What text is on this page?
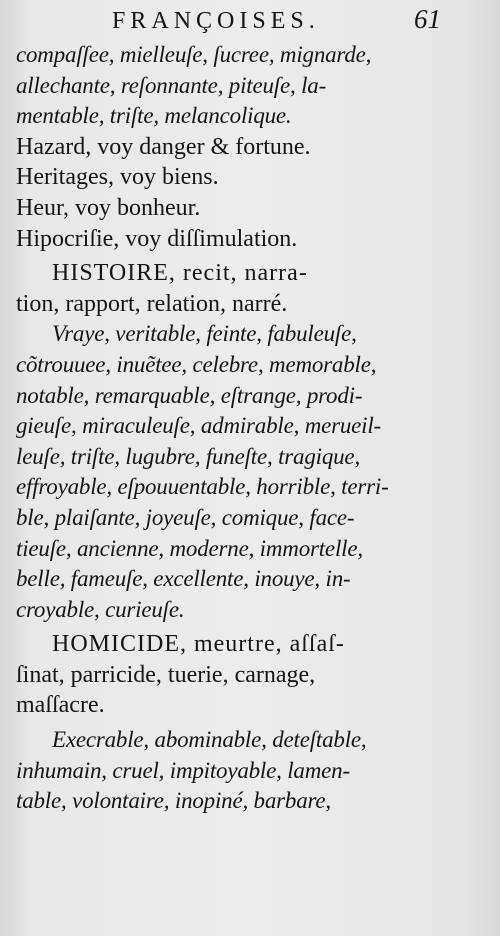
FRANÇOISES.	61
compaſſee, mielleuſe, ſucree, mignarde,
allechante, reſonnante, piteuſe, la-
mentable, triſte, melancolique.
Hazard, voy danger & fortune.
Heritages, voy biens.
Heur, voy bonheur.
Hipocriſie, voy diſſimulation.
HISTOIRE, recit, narra-
tion, rapport, relation, narré.
Vraye, veritable, feinte, fabuleuſe,
cõtrouuee, inuẽtee, celebre, memorable,
notable, remarquable, eſtrange, prodi-
gieuſe, miraculeuſe, admirable, merueil-
leuſe, triſte, lugubre, funeſte, tragique,
effroyable, eſpouuentable, horrible, terri-
ble, plaiſante, joyeuſe, comique, face-
tieuſe, ancienne, moderne, immortelle,
belle, fameuſe, excellente, inouye, in-
croyable, curieuſe.
HOMICIDE, meurtre, aſſaſ-
ſinat, parricide, tuerie, carnage,
maſſacre.
Execrable, abominable, deteſtable,
inhumain, cruel, impitoyable, lamen-
table, volontaire, inopiné, barbare,
